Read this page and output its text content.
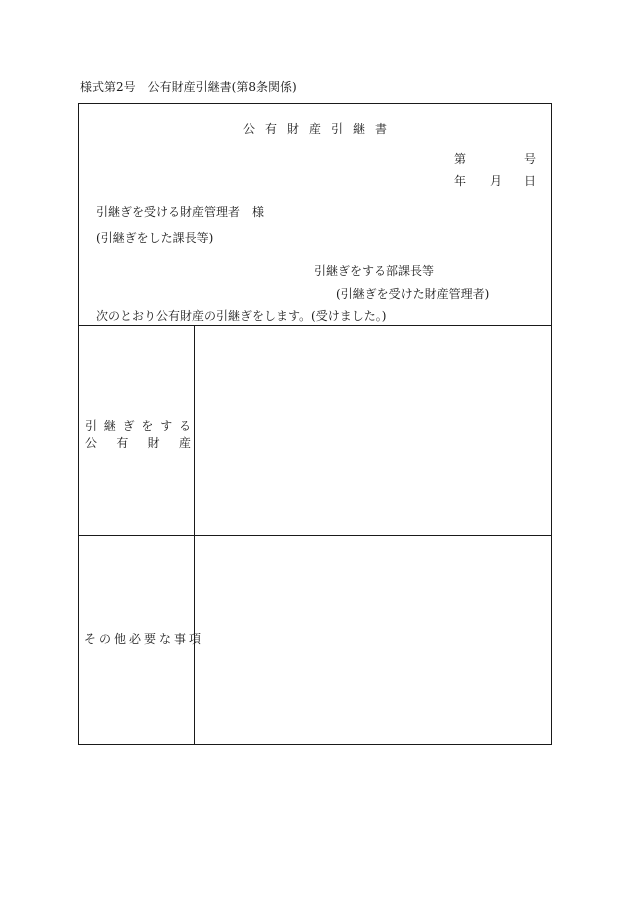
様式第2号　公有財産引継書(第8条関係)
公有財産引継書
第	号
年 月 日
引継ぎを受ける財産管理者　様
(引継ぎをした課長等)
引継ぎをする部課長等
(引継ぎを受けた財産管理者)
次のとおり公有財産の引継ぎをします。(受けました。)
引 継 ぎ を す る
公 有 財 産
その他必要な事項
